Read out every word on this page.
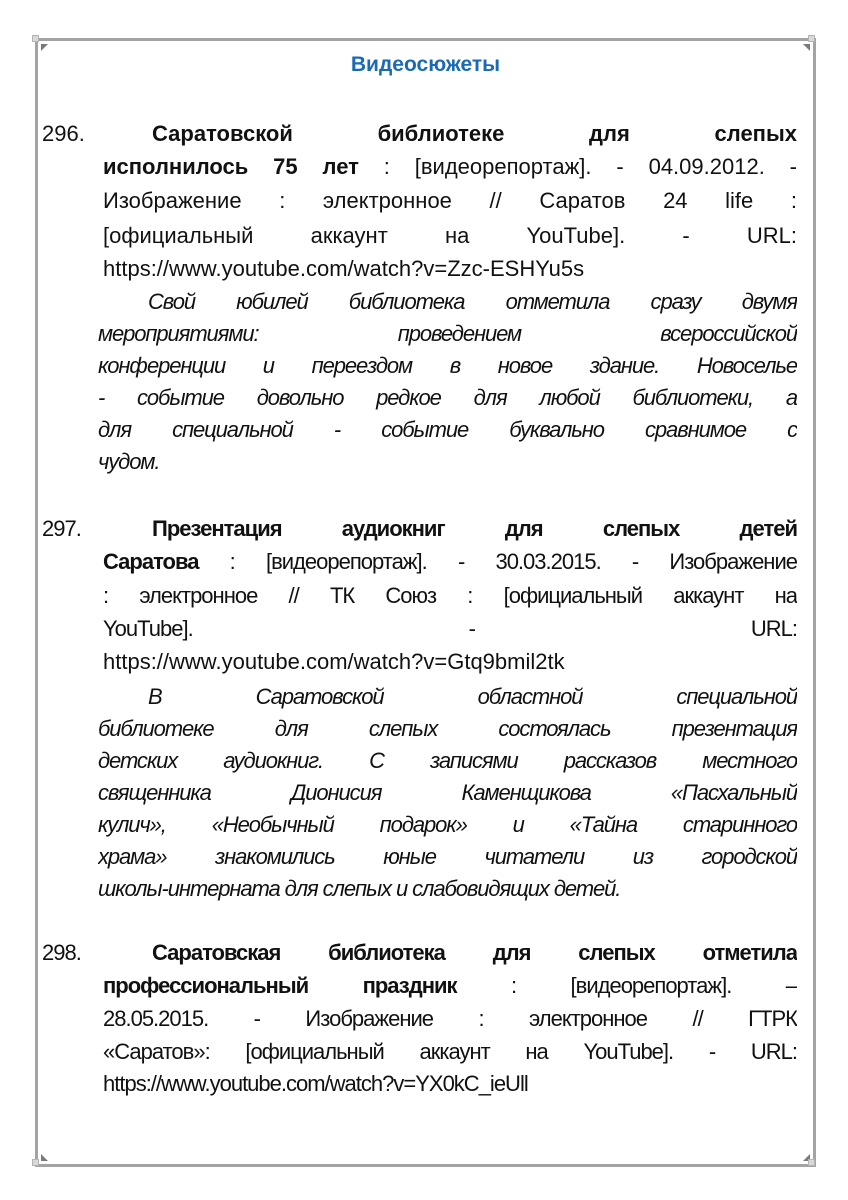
Видеосюжеты
296.	Саратовской библиотеке для слепых
исполнилось 75 лет : [видеорепортаж]. - 04.09.2012. -
Изображение : электронное // Саратов 24 life :
[официальный аккаунт на YouTube]. - URL:
https://www.youtube.com/watch?v=Zzc-ESHYu5s
Свой юбилей библиотека отметила сразу двумя
мероприятиями: проведением всероссийской
конференции и переездом в новое здание. Новоселье
- событие довольно редкое для любой библиотеки, а
для специальной - событие буквально сравнимое с
чудом.
297.	Презентация аудиокниг для слепых детей
Саратова : [видеорепортаж]. - 30.03.2015. - Изображение
: электронное // ТК Союз : [официальный аккаунт на
YouTube]. - URL:
https://www.youtube.com/watch?v=Gtq9bmil2tk
В Саратовской областной специальной
библиотеке для слепых состоялась презентация
детских аудиокниг. С записями рассказов местного
священника Дионисия Каменщикова «Пасхальный
кулич», «Необычный подарок» и «Тайна старинного
храма» знакомились юные читатели из городской
школы-интерната для слепых и слабовидящих детей.
298.	Саратовская библиотека для слепых отметила
профессиональный праздник : [видеорепортаж]. –
28.05.2015. - Изображение : электронное // ГТРК
«Саратов»: [официальный аккаунт на YouTube]. - URL:
https://www.youtube.com/watch?v=YX0kC_ieUll
